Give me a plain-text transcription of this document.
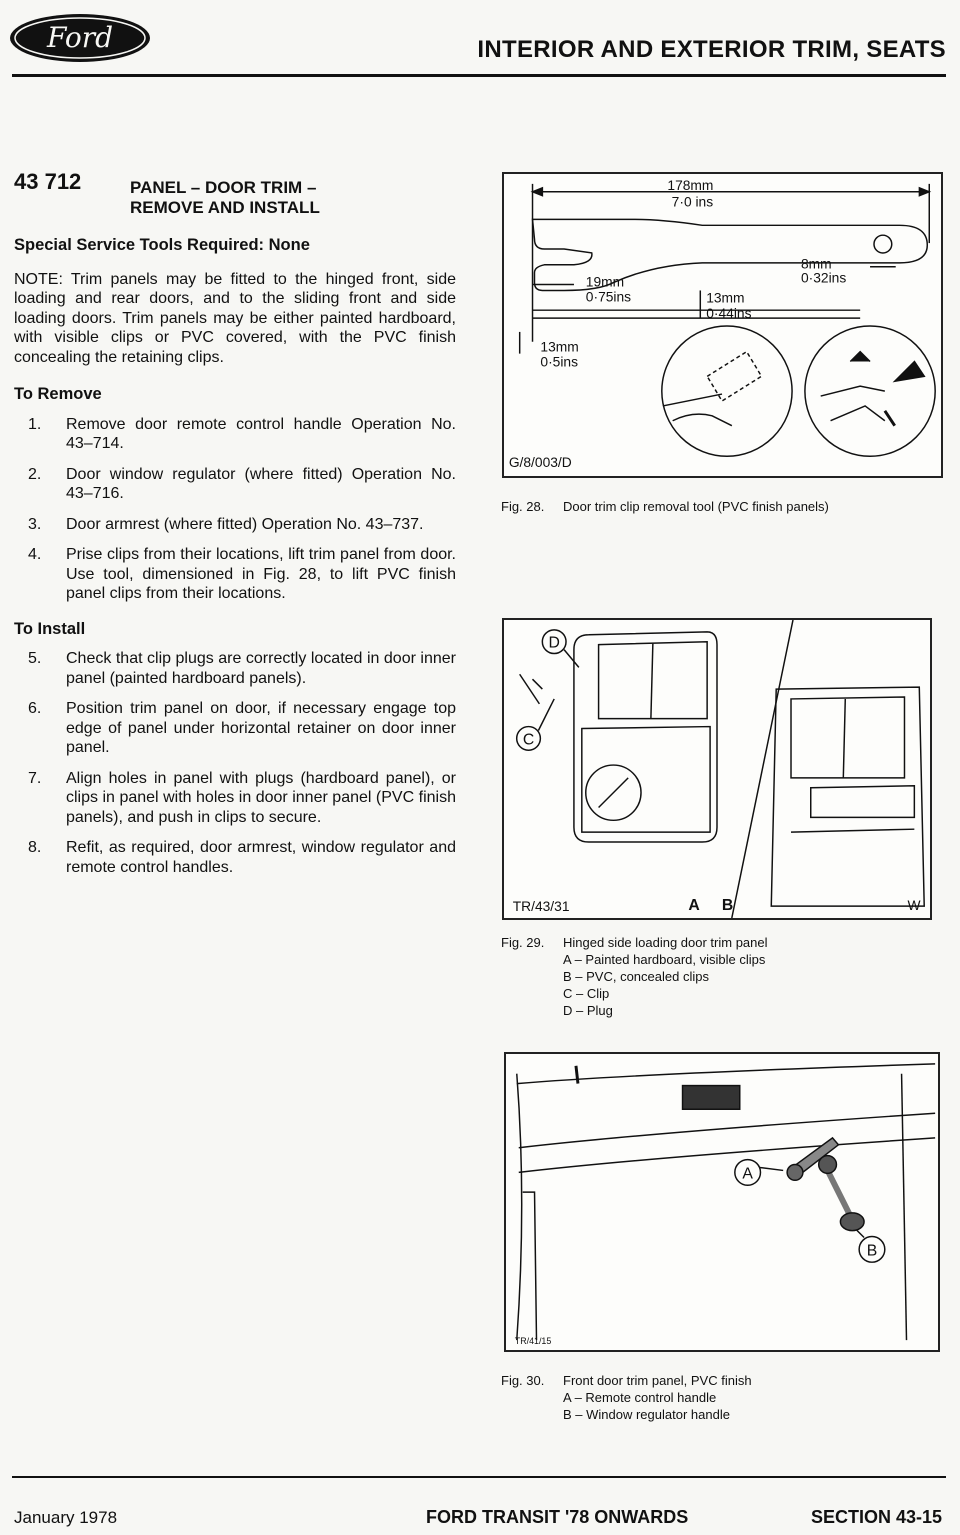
Ford	INTERIOR AND EXTERIOR TRIM, SEATS
43 712	PANEL – DOOR TRIM –
REMOVE AND INSTALL
Special Service Tools Required: None
NOTE: Trim panels may be fitted to the hinged front, side loading and rear doors, and to the sliding front and side loading doors. Trim panels may be either painted hardboard, with visible clips or PVC covered, with the PVC finish concealing the retaining clips.
To Remove
1.	Remove door remote control handle Operation No. 43–714.
2.	Door window regulator (where fitted) Operation No. 43–716.
3.	Door armrest (where fitted) Operation No. 43–737.
4.	Prise clips from their locations, lift trim panel from door. Use tool, dimensioned in Fig. 28, to lift PVC finish panel clips from their locations.
To Install
5.	Check that clip plugs are correctly located in door inner panel (painted hardboard panels).
6.	Position trim panel on door, if necessary engage top edge of panel under horizontal retainer on door inner panel.
7.	Align holes in panel with plugs (hardboard panel), or clips in panel with holes in door inner panel (PVC finish panels), and push in clips to secure.
8.	Refit, as required, door armrest, window regulator and remote control handles.
178mm
7·0 ins
19mm
0·75ins	13mm
0·44ins
8mm
0·32ins
13mm
0·5ins
G/8/003/D
Fig. 28.	Door trim clip removal tool (PVC finish panels)
D
C
TR/43/31	A B	W
Fig. 29.	Hinged side loading door trim panel
A – Painted hardboard, visible clips
B – PVC, concealed clips
C – Clip
D – Plug
A
B
TR/41/15
Fig. 30.	Front door trim panel, PVC finish
A – Remote control handle
B – Window regulator handle
January 1978	FORD TRANSIT '78 ONWARDS	SECTION 43-15
